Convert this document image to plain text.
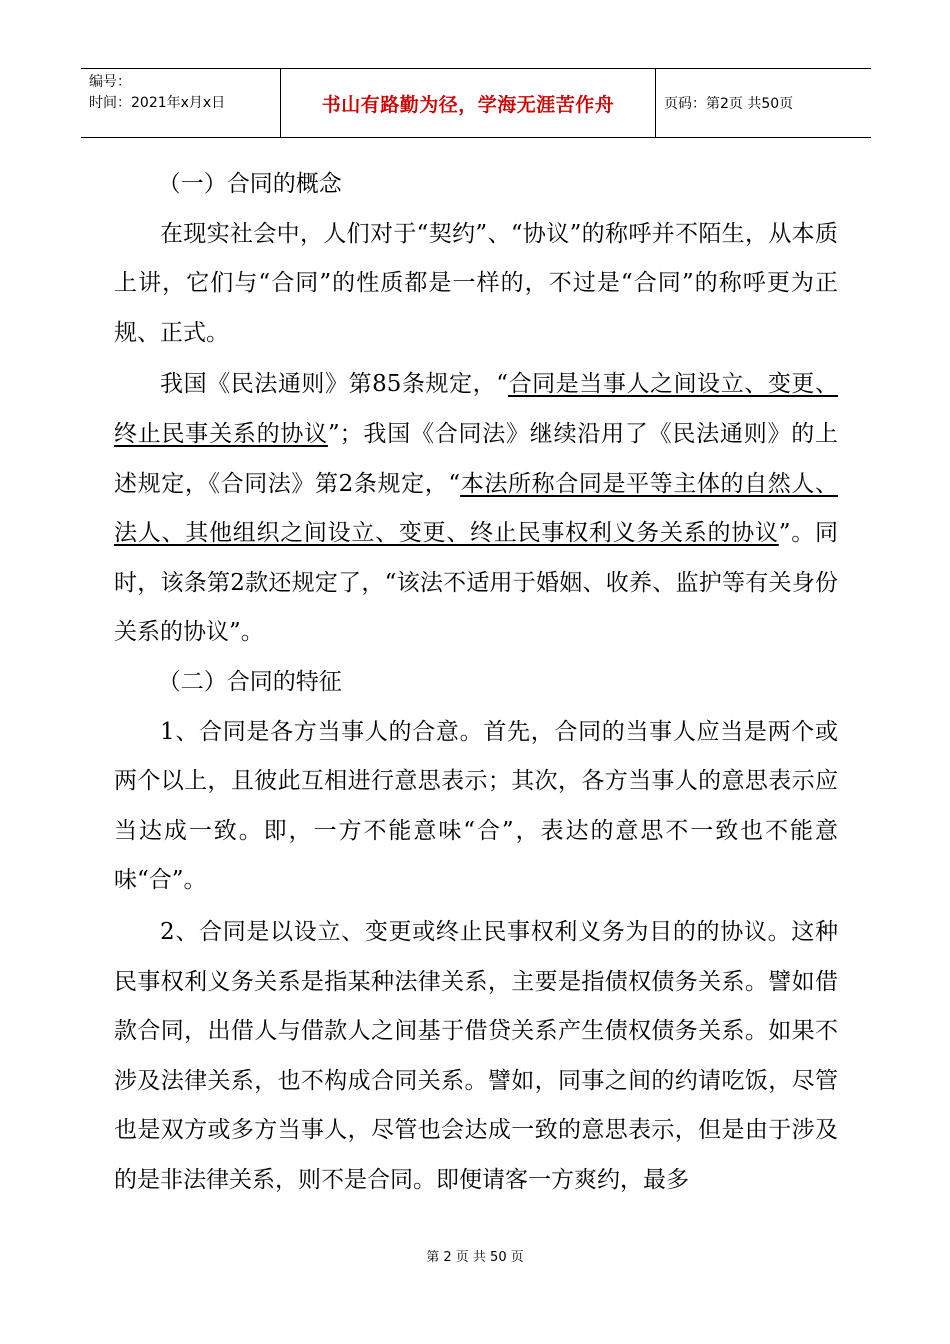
编号：
时间：2021年x月x日	书山有路勤为径，学海无涯苦作舟	页码：第2页 共50页

（一）合同的概念

在现实社会中，人们对于“契约”、“协议”的称呼并不陌生，从本质上讲，它们与“合同”的性质都是一样的，不过是“合同”的称呼更为正规、正式。

我国《民法通则》第85条规定，“合同是当事人之间设立、变更、终止民事关系的协议”；我国《合同法》继续沿用了《民法通则》的上述规定，《合同法》第2条规定，“本法所称合同是平等主体的自然人、法人、其他组织之间设立、变更、终止民事权利义务关系的协议”。同时，该条第2款还规定了，“该法不适用于婚姻、收养、监护等有关身份关系的协议”。

（二）合同的特征

1、合同是各方当事人的合意。首先，合同的当事人应当是两个或两个以上，且彼此互相进行意思表示；其次，各方当事人的意思表示应当达成一致。即，一方不能意味“合”，表达的意思不一致也不能意味“合”。

2、合同是以设立、变更或终止民事权利义务为目的的协议。这种民事权利义务关系是指某种法律关系，主要是指债权债务关系。譬如借款合同，出借人与借款人之间基于借贷关系产生债权债务关系。如果不涉及法律关系，也不构成合同关系。譬如，同事之间的约请吃饭，尽管也是双方或多方当事人，尽管也会达成一致的意思表示，但是由于涉及的是非法律关系，则不是合同。即便请客一方爽约，最多

第 2 页 共 50 页
